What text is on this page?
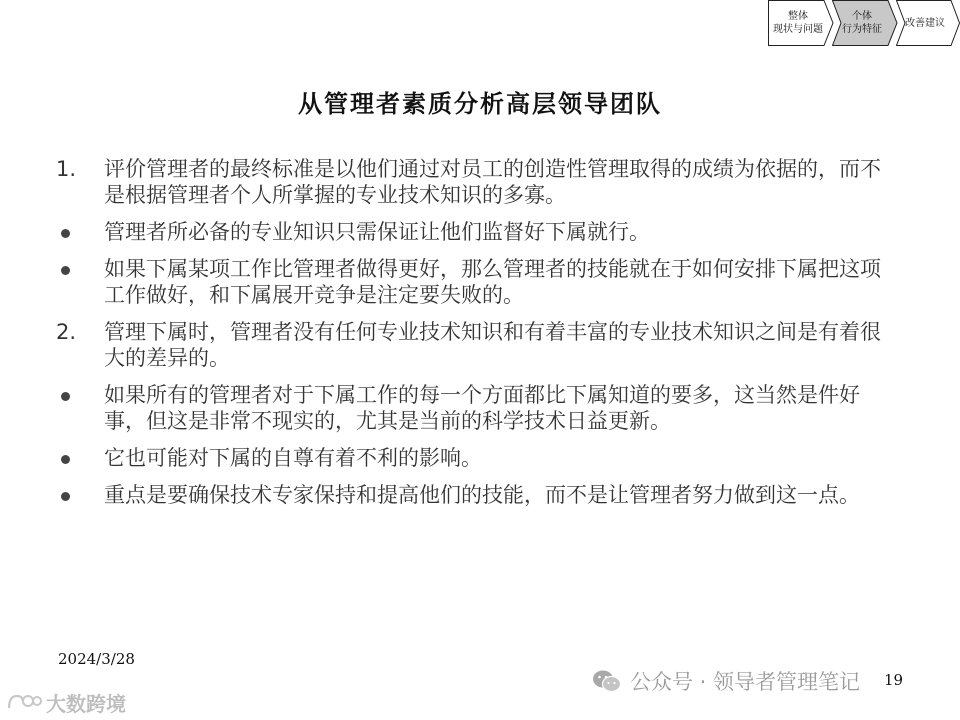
整体
现状与问题
个体
行为特征
改善建议
从管理者素质分析高层领导团队
1.	评价管理者的最终标准是以他们通过对员工的创造性管理取得的成绩为依据的，而不是根据管理者个人所掌握的专业技术知识的多寡。
管理者所必备的专业知识只需保证让他们监督好下属就行。
如果下属某项工作比管理者做得更好，那么管理者的技能就在于如何安排下属把这项工作做好，和下属展开竞争是注定要失败的。
2.	管理下属时，管理者没有任何专业技术知识和有着丰富的专业技术知识之间是有着很大的差异的。
如果所有的管理者对于下属工作的每一个方面都比下属知道的要多，这当然是件好事，但这是非常不现实的，尤其是当前的科学技术日益更新。
它也可能对下属的自尊有着不利的影响。
重点是要确保技术专家保持和提高他们的技能，而不是让管理者努力做到这一点。
2024/3/28
公众号 · 领导者管理笔记 19
大数跨境
